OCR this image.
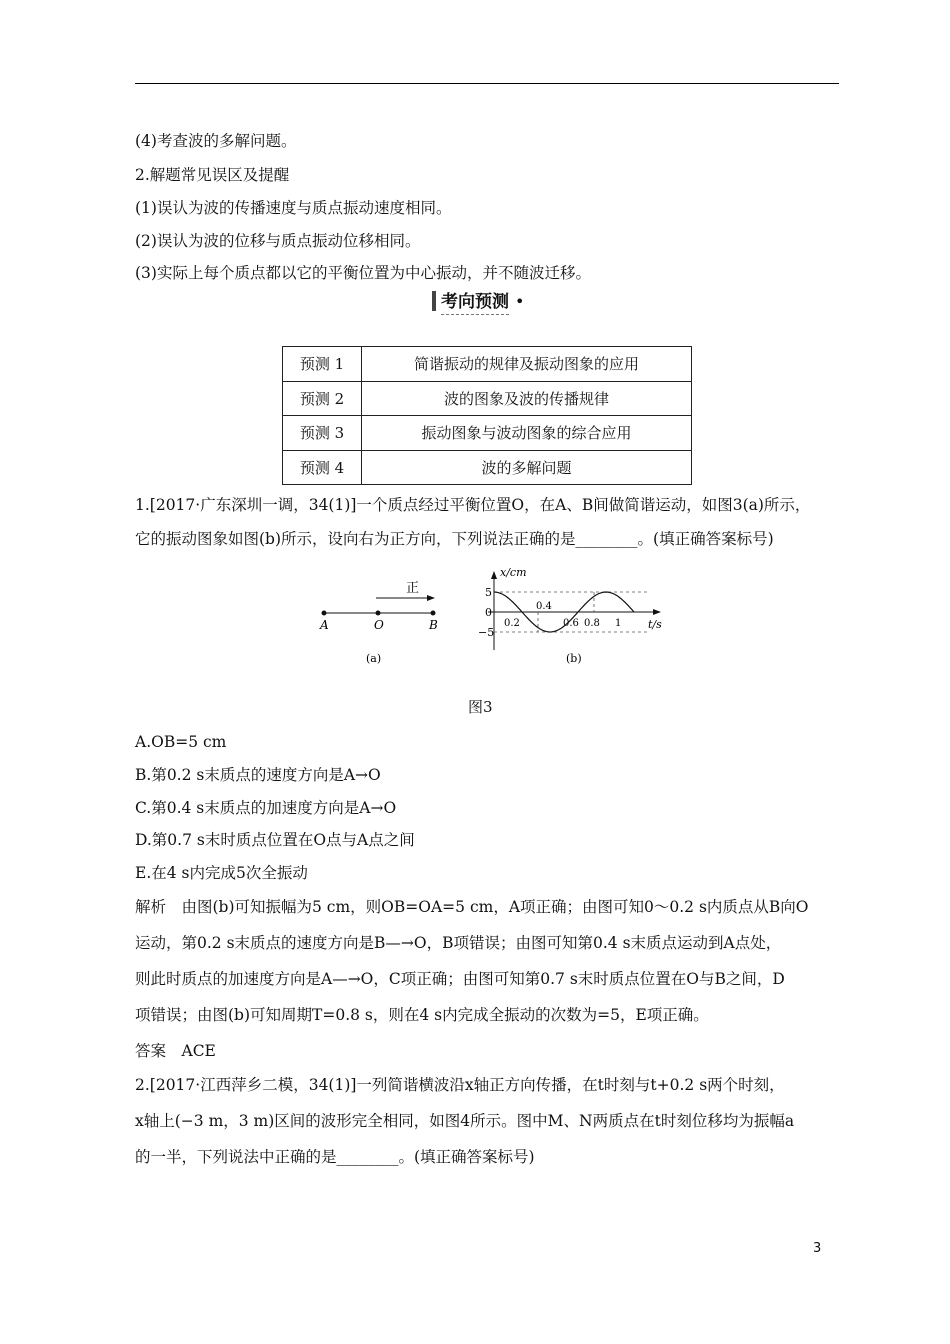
(4)考查波的多解问题。
2.解题常见误区及提醒
(1)误认为波的传播速度与质点振动速度相同。
(2)误认为波的位移与质点振动位移相同。
(3)实际上每个质点都以它的平衡位置为中心振动，并不随波迁移。
考向预测 •
预测 1	简谐振动的规律及振动图象的应用
预测 2	波的图象及波的传播规律
预测 3	振动图象与波动图象的综合应用
预测 4	波的多解问题
1.[2017·广东深圳一调，34(1)]一个质点经过平衡位置O，在A、B间做简谐运动，如图3(a)所示，
它的振动图象如图(b)所示，设向右为正方向，下列说法正确的是________。(填正确答案标号)
正
A	O	B
(a)
x/cm
t/s
5
0
−5
0.2
0.4
0.6 0.8 1
(b)
图3
A.OB=5 cm
B.第0.2 s末质点的速度方向是A→O
C.第0.4 s末质点的加速度方向是A→O
D.第0.7 s末时质点位置在O点与A点之间
E.在4 s内完成5次全振动
解析　由图(b)可知振幅为5 cm，则OB=OA=5 cm，A项正确；由图可知0～0.2 s内质点从B向O
运动，第0.2 s末质点的速度方向是B—→O，B项错误；由图可知第0.4 s末质点运动到A点处，
则此时质点的加速度方向是A—→O，C项正确；由图可知第0.7 s末时质点位置在O与B之间，D
项错误；由图(b)可知周期T=0.8 s，则在4 s内完成全振动的次数为=5，E项正确。
答案　ACE
2.[2017·江西萍乡二模，34(1)]一列简谐横波沿x轴正方向传播，在t时刻与t+0.2 s两个时刻，
x轴上(−3 m，3 m)区间的波形完全相同，如图4所示。图中M、N两质点在t时刻位移均为振幅a
的一半，下列说法中正确的是________。(填正确答案标号)
3
